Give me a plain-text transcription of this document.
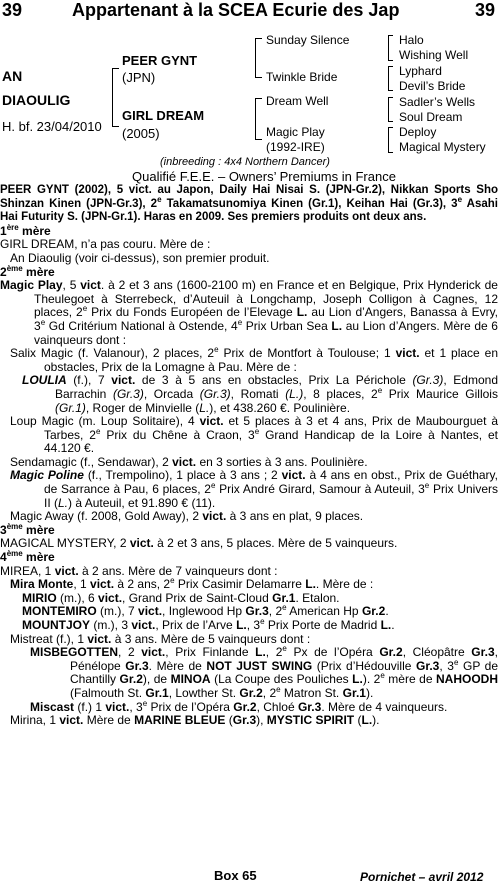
39	Appartenant à la SCEA Ecurie des Jap	39
AN
DIAOULIG
H. bf. 23/04/2010
PEER GYNT
(JPN)
GIRL DREAM
(2005)
Sunday Silence
Twinkle Bride
Dream Well
Magic Play
(1992-IRE)
Halo
Wishing Well
Lyphard
Devil’s Bride
Sadler’s Wells
Soul Dream
Deploy
Magical Mystery
(inbreeding : 4x4 Northern Dancer)
Qualifié F.E.E. – Owners’ Premiums in France

PEER GYNT (2002), 5 vict. au Japon, Daily Hai Nisai S. (JPN-Gr.2), Nikkan Sports Sho Shinzan Kinen (JPN-Gr.3), 2e Takamatsunomiya Kinen (Gr.1), Keihan Hai (Gr.3), 3e Asahi Hai Futurity S. (JPN-Gr.1). Haras en 2009. Ses premiers produits ont deux ans.

1ère mère

GIRL DREAM, n’a pas couru. Mère de :

An Diaoulig (voir ci-dessus), son premier produit.

2ème mère

Magic Play, 5 vict. à 2 et 3 ans (1600-2100 m) en France et en Belgique, Prix Hynderick de Theulegoet à Sterrebeck, d’Auteuil à Longchamp, Joseph Colligon à Cagnes, 12 places, 2e Prix du Fonds Européen de l’Elevage L. au Lion d’Angers, Banassa à Evry, 3e Gd Critérium National à Ostende, 4e Prix Urban Sea L. au Lion d’Angers. Mère de 6 vainqueurs dont :

Salix Magic (f. Valanour), 2 places, 2e Prix de Montfort à Toulouse; 1 vict. et 1 place en obstacles, Prix de la Lomagne à Pau. Mère de :

LOULIA (f.), 7 vict. de 3 à 5 ans en obstacles, Prix La Périchole (Gr.3), Edmond Barrachin (Gr.3), Orcada (Gr.3), Romati (L.), 8 places, 2e Prix Maurice Gillois (Gr.1), Roger de Minvielle (L.), et 438.260 €. Poulinière.

Loup Magic (m. Loup Solitaire), 4 vict. et 5 places à 3 et 4 ans, Prix de Maubourguet à Tarbes, 2e Prix du Chêne à Craon, 3e Grand Handicap de la Loire à Nantes, et 44.120 €.

Sendamagic (f., Sendawar), 2 vict. en 3 sorties à 3 ans. Poulinière.

Magic Poline (f., Trempolino), 1 place à 3 ans ; 2 vict. à 4 ans en obst., Prix de Guéthary, de Sarrance à Pau, 6 places, 2e Prix André Girard, Samour à Auteuil, 3e Prix Univers II (L.) à Auteuil, et 91.890 € (11).

Magic Away (f. 2008, Gold Away), 2 vict. à 3 ans en plat, 9 places.

3ème mère

MAGICAL MYSTERY, 2 vict. à 2 et 3 ans, 5 places. Mère de 5 vainqueurs.

4ème mère

MIREA, 1 vict. à 2 ans. Mère de 7 vainqueurs dont :

Mira Monte, 1 vict. à 2 ans, 2e Prix Casimir Delamarre L.. Mère de :

MIRIO (m.), 6 vict., Grand Prix de Saint-Cloud Gr.1. Etalon.

MONTEMIRO (m.), 7 vict., Inglewood Hp Gr.3, 2e American Hp Gr.2.

MOUNTJOY (m.), 3 vict., Prix de l’Arve L., 3e Prix Porte de Madrid L..

Mistreat (f.), 1 vict. à 3 ans. Mère de 5 vainqueurs dont :

MISBEGOTTEN, 2 vict., Prix Finlande L., 2e Px de l’Opéra Gr.2, Cléopâtre Gr.3, Pénélope Gr.3. Mère de NOT JUST SWING (Prix d’Hédouville Gr.3, 3e GP de Chantilly Gr.2), de MINOA (La Coupe des Pouliches L.). 2e mère de NAHOODH (Falmouth St. Gr.1, Lowther St. Gr.2, 2e Matron St. Gr.1).

Miscast (f.) 1 vict., 3e Prix de l’Opéra Gr.2, Chloé Gr.3. Mère de 4 vainqueurs.

Mirina, 1 vict. Mère de MARINE BLEUE (Gr.3), MYSTIC SPIRIT (L.).

Box 65	Pornichet – avril 2012
